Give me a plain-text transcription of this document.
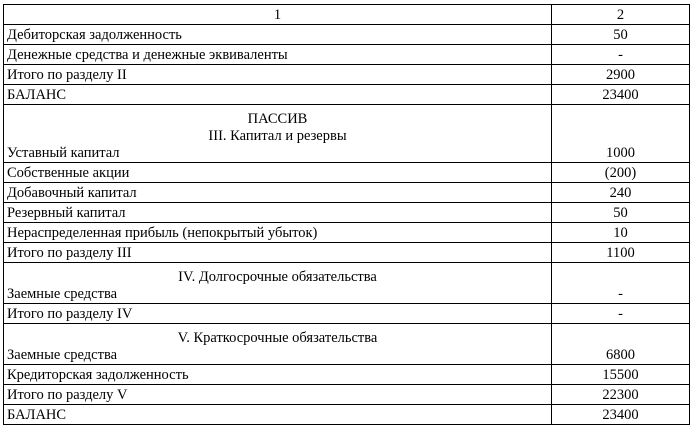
1	2
Дебиторская задолженность	50
Денежные средства и денежные эквиваленты	-
Итого по разделу II	2900
БАЛАНС	23400

ПАССИВ
III. Капитал и резервы
Уставный капитал	1000
Собственные акции	(200)
Добавочный капитал	240
Резервный капитал	50
Нераспределенная прибыль (непокрытый убыток)	10
Итого по разделу III	1100

IV. Долгосрочные обязательства
Заемные средства	-
Итого по разделу IV	-

V. Краткосрочные обязательства
Заемные средства	6800
Кредиторская задолженность	15500
Итого по разделу V	22300
БАЛАНС	23400
